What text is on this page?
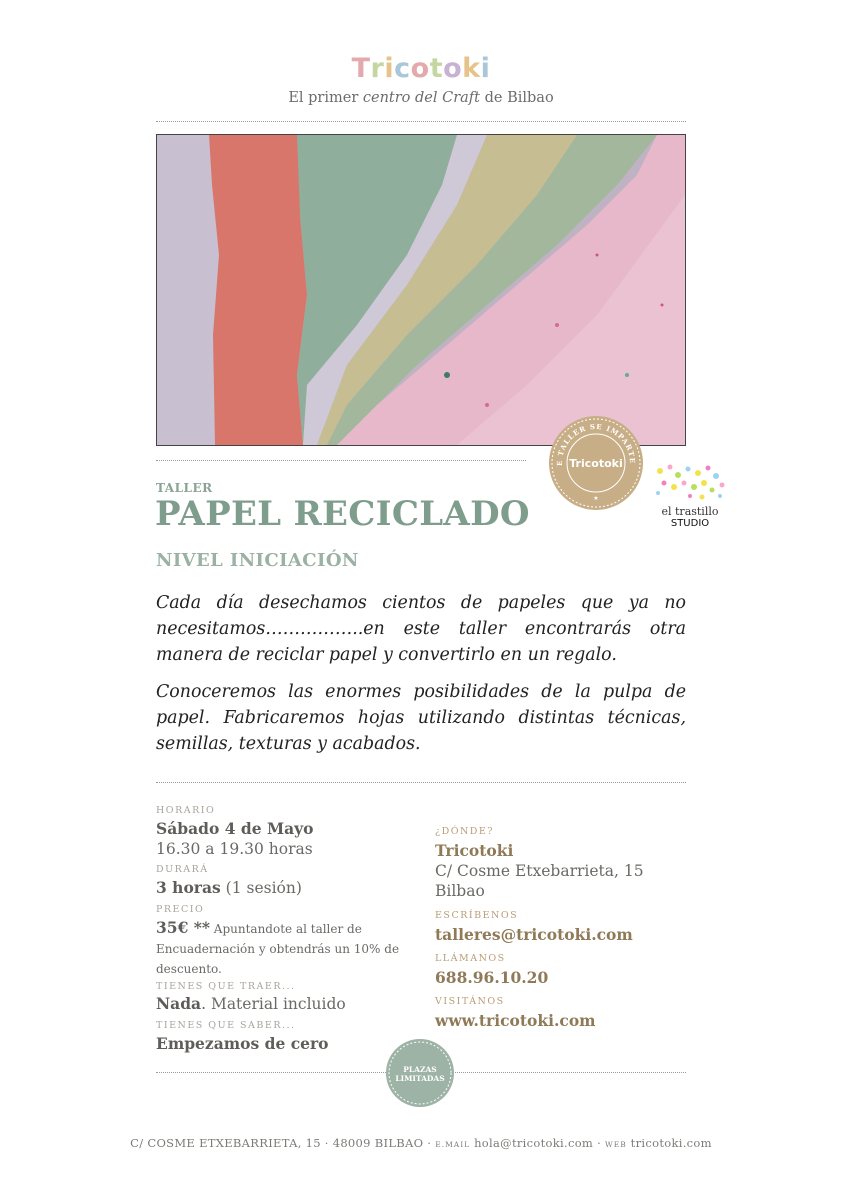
Tricotoki
El primer centro del Craft de Bilbao
E TALLER SE IMPARTE
Tricotoki
★
el trastillo
STUDIO
TALLER
PAPEL RECICLADO
NIVEL INICIACIÓN
Cada día desechamos cientos de papeles que ya no necesitamos……………..en este taller encontrarás otra manera de reciclar papel y convertirlo en un regalo.
Conoceremos las enormes posibilidades de la pulpa de papel. Fabricaremos hojas utilizando distintas técnicas, semillas, texturas y acabados.
HORARIO
Sábado 4 de Mayo
16.30 a 19.30 horas
DURARÁ
3 horas (1 sesión)
PRECIO
35€ ** Apuntandote al taller de
Encuadernación y obtendrás un 10% de
descuento.
TIENES QUE TRAER...
Nada. Material incluido
TIENES QUE SABER...
Empezamos de cero
¿DÓNDE?
Tricotoki
C/ Cosme Etxebarrieta, 15
Bilbao
ESCRÍBENOS
talleres@tricotoki.com
LLÁMANOS
688.96.10.20
VISITÁNOS
www.tricotoki.com
PLAZAS
LIMITADAS
C/ COSME ETXEBARRIETA, 15 · 48009 BILBAO · E.MAIL hola@tricotoki.com · WEB tricotoki.com
